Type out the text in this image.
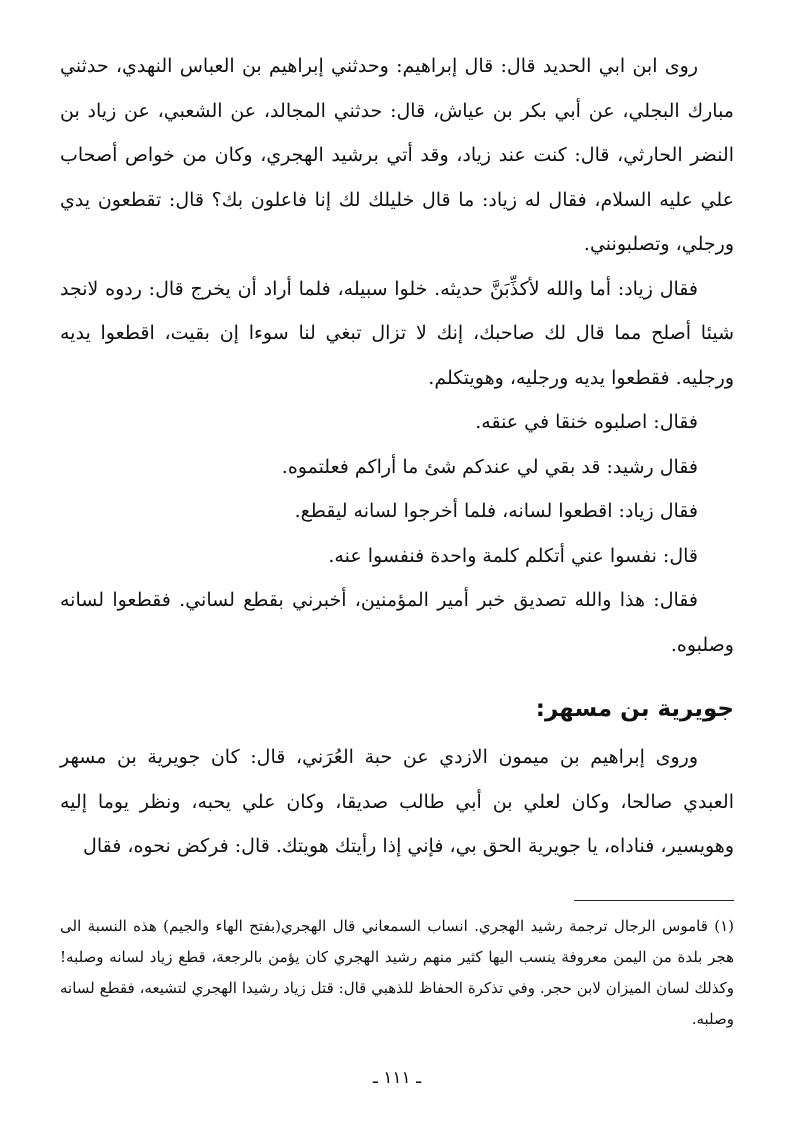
روى ابن ابي الحديد قال: قال إبراهيم: وحدثني إبراهيم بن العباس النهدي، حدثني مبارك البجلي، عن أبي بكر بن عياش، قال: حدثني المجالد، عن الشعبي، عن زياد بن النضر الحارثي، قال: كنت عند زياد، وقد أتي برشيد الهجري، وكان من خواص أصحاب علي عليه السلام، فقال له زياد: ما قال خليلك لك إنا فاعلون بك؟ قال: تقطعون يدي ورجلي، وتصلبونني.

فقال زياد: أما والله لأكذِّبَنَّ حديثه. خلوا سبيله، فلما أراد أن يخرج قال: ردوه لانجد شيئا أصلح مما قال لك صاحبك، إنك لا تزال تبغي لنا سوءا إن بقيت، اقطعوا يديه ورجليه. فقطعوا يديه ورجليه، وهويتكلم.

فقال: اصلبوه خنقا في عنقه.

فقال رشيد: قد بقي لي عندكم شئ ما أراكم فعلتموه.

فقال زياد: اقطعوا لسانه، فلما أخرجوا لسانه ليقطع.

قال: نفسوا عني أتكلم كلمة واحدة فنفسوا عنه.

فقال: هذا والله تصديق خبر أمير المؤمنين، أخبرني بقطع لساني. فقطعوا لسانه وصلبوه.

جويرية بن مسهر:

وروى إبراهيم بن ميمون الازدي عن حبة العُرَني، قال: كان جويرية بن مسهر العبدي صالحا، وكان لعلي بن أبي طالب صديقا، وكان علي يحبه، ونظر يوما إليه وهويسير، فناداه، يا جويرية الحق بي، فإني إذا رأيتك هويتك. قال: فركض نحوه، فقال

(١) قاموس الرجال ترجمة رشيد الهجري. انساب السمعاني قال الهجري(بفتح الهاء والجيم) هذه النسبة الى هجر بلدة من اليمن معروفة ينسب اليها كثير منهم رشيد الهجري كان يؤمن بالرجعة، قطع زياد لسانه وصلبه! وكذلك لسان الميزان لابن حجر. وفي تذكرة الحفاظ للذهبي قال: قتل زياد رشيدا الهجري لتشيعه، فقطع لسانه وصلبه.

ـ ١١١ ـ
